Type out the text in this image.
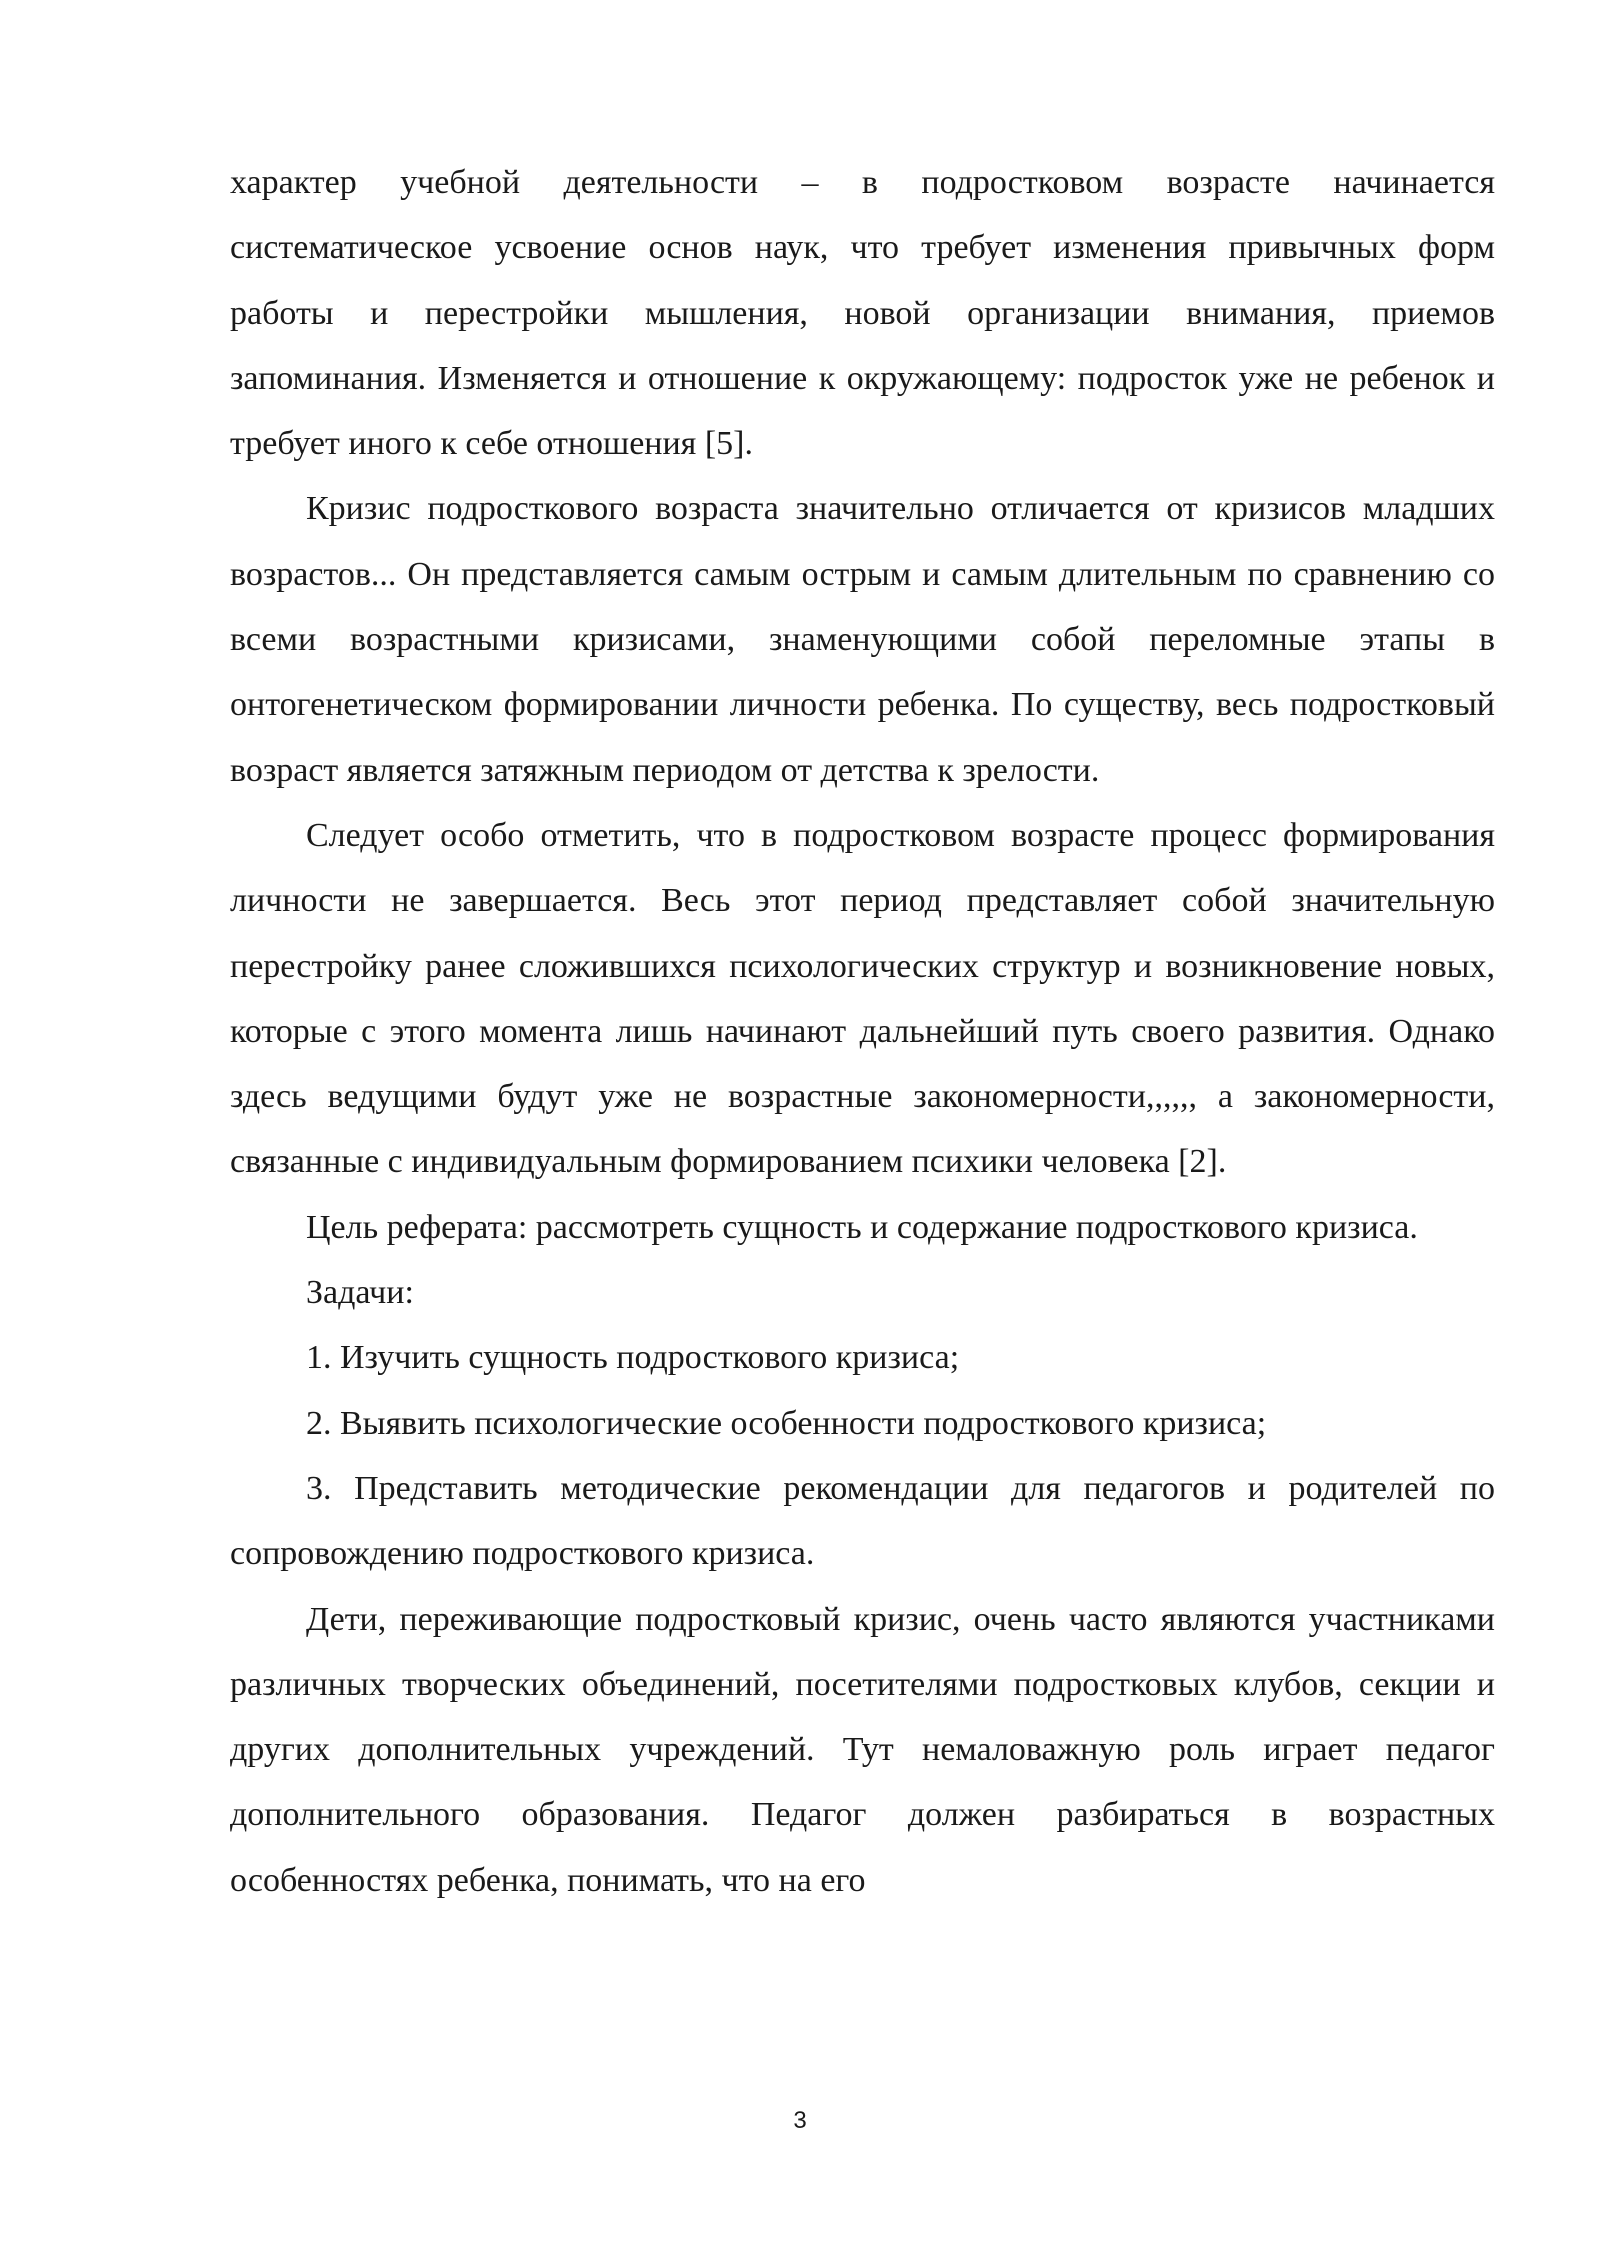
характер учебной деятельности – в подростковом возрасте начинается систематическое усвоение основ наук, что требует изменения привычных форм работы и перестройки мышления, новой организации внимания, приемов запоминания. Изменяется и отношение к окружающему: подросток уже не ребенок и требует иного к себе отношения [5].

Кризис подросткового возраста значительно отличается от кризисов младших возрастов... Он представляется самым острым и самым длительным по сравнению со всеми возрастными кризисами, знаменующими собой переломные этапы в онтогенетическом формировании личности ребенка. По существу, весь подростковый возраст является затяжным периодом от детства к зрелости.

Следует особо отметить, что в подростковом возрасте процесс формирования личности не завершается. Весь этот период представляет собой значительную перестройку ранее сложившихся психологических структур и возникновение новых, которые с этого момента лишь начинают дальнейший путь своего развития. Однако здесь ведущими будут уже не возрастные закономерности,,,,,, а закономерности, связанные с индивидуальным формированием психики человека [2].

Цель реферата: рассмотреть сущность и содержание подросткового кризиса.

Задачи:

1. Изучить сущность подросткового кризиса;

2. Выявить психологические особенности подросткового кризиса;

3. Представить методические рекомендации для педагогов и родителей по сопровождению подросткового кризиса.

Дети, переживающие подростковый кризис, очень часто являются участниками различных творческих объединений, посетителями подростковых клубов, секции и других дополнительных учреждений. Тут немаловажную роль играет педагог дополнительного образования. Педагог должен разбираться в возрастных особенностях ребенка, понимать, что на его

3
